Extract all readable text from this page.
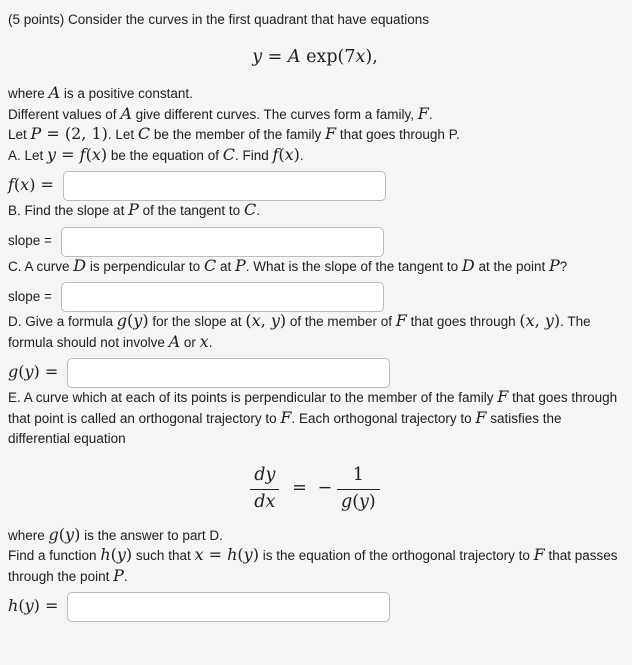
(5 points) Consider the curves in the first quadrant that have equations

y = A exp(7x),

where A is a positive constant.

Different values of A give different curves. The curves form a family, F.

Let P = (2, 1). Let C be the member of the family F that goes through P.

A. Let y = f(x) be the equation of C. Find f(x).

f(x) =

B. Find the slope at P of the tangent to C.

slope =

C. A curve D is perpendicular to C at P. What is the slope of the tangent to D at the point P?

slope =

D. Give a formula g(y) for the slope at (x, y) of the member of F that goes through (x, y). The formula should not involve A or x.

g(y) =

E. A curve which at each of its points is perpendicular to the member of the family F that goes through that point is called an orthogonal trajectory to F. Each orthogonal trajectory to F satisfies the differential equation

$\frac{dy}{dx}$ = − $\frac{1}{g(y)}$

where g(y) is the answer to part D.

Find a function h(y) such that x = h(y) is the equation of the orthogonal trajectory to F that passes through the point P.

h(y) =
